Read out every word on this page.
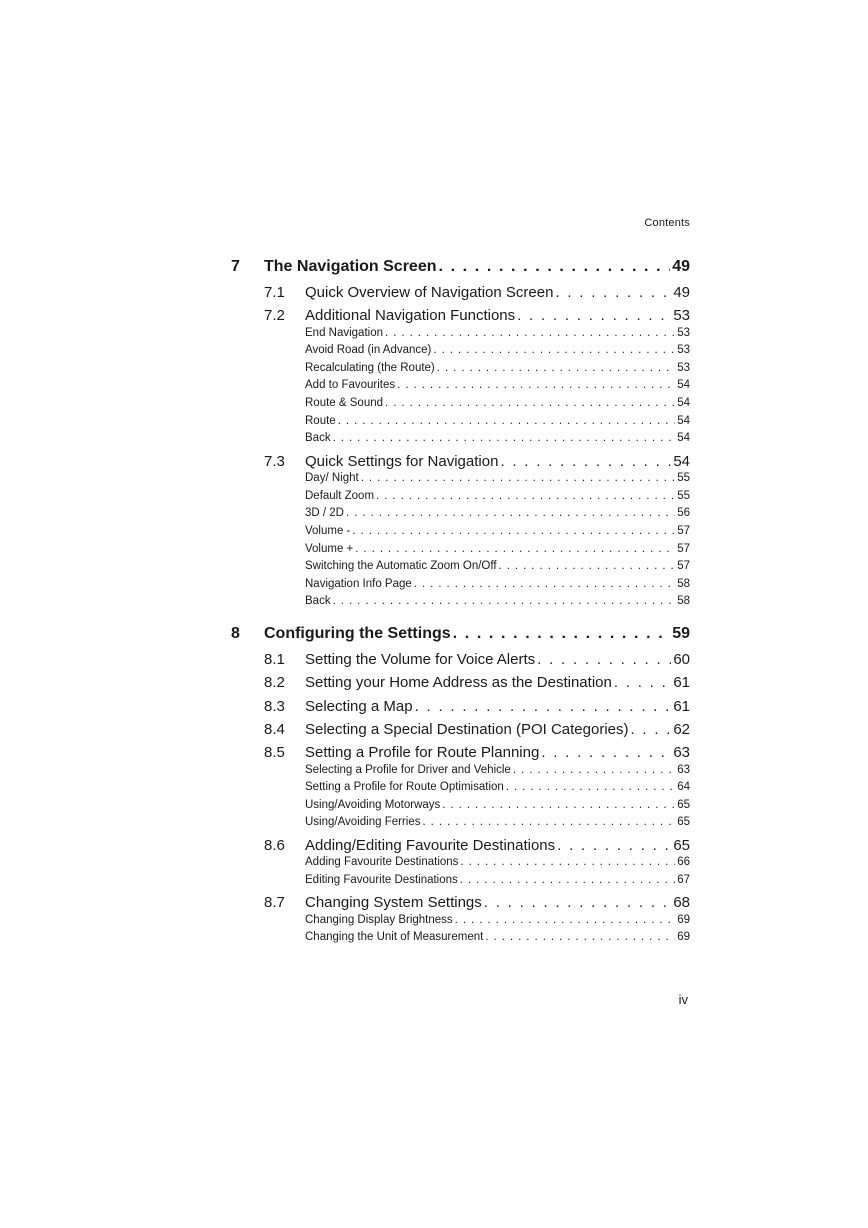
Contents
7 The Navigation Screen . . .	49
7.1 Quick Overview of Navigation Screen . . .	49
7.2 Additional Navigation Functions . . .	53
End Navigation . . .	53
Avoid Road (in Advance) . . .	53
Recalculating (the Route) . . .	53
Add to Favourites . . .	54
Route & Sound . . .	54
Route . . .	54
Back . . .	54
7.3 Quick Settings for Navigation . . .	54
Day/ Night . . .	55
Default Zoom . . .	55
3D / 2D . . .	56
Volume - . . .	57
Volume + . . .	57
Switching the Automatic Zoom On/Off . . .	57
Navigation Info Page . . .	58
Back . . .	58
8 Configuring the Settings . . .	59
8.1 Setting the Volume for Voice Alerts . . .	60
8.2 Setting your Home Address as the Destination . . .	61
8.3 Selecting a Map . . .	61
8.4 Selecting a Special Destination (POI Categories) . . .	62
8.5 Setting a Profile for Route Planning . . .	63
Selecting a Profile for Driver and Vehicle . . .	63
Setting a Profile for Route Optimisation . . .	64
Using/Avoiding Motorways . . .	65
Using/Avoiding Ferries . . .	65
8.6 Adding/Editing Favourite Destinations . . .	65
Adding Favourite Destinations . . .	66
Editing Favourite Destinations . . .	67
8.7 Changing System Settings . . .	68
Changing Display Brightness . . .	69
Changing the Unit of Measurement . . .	69
iv
